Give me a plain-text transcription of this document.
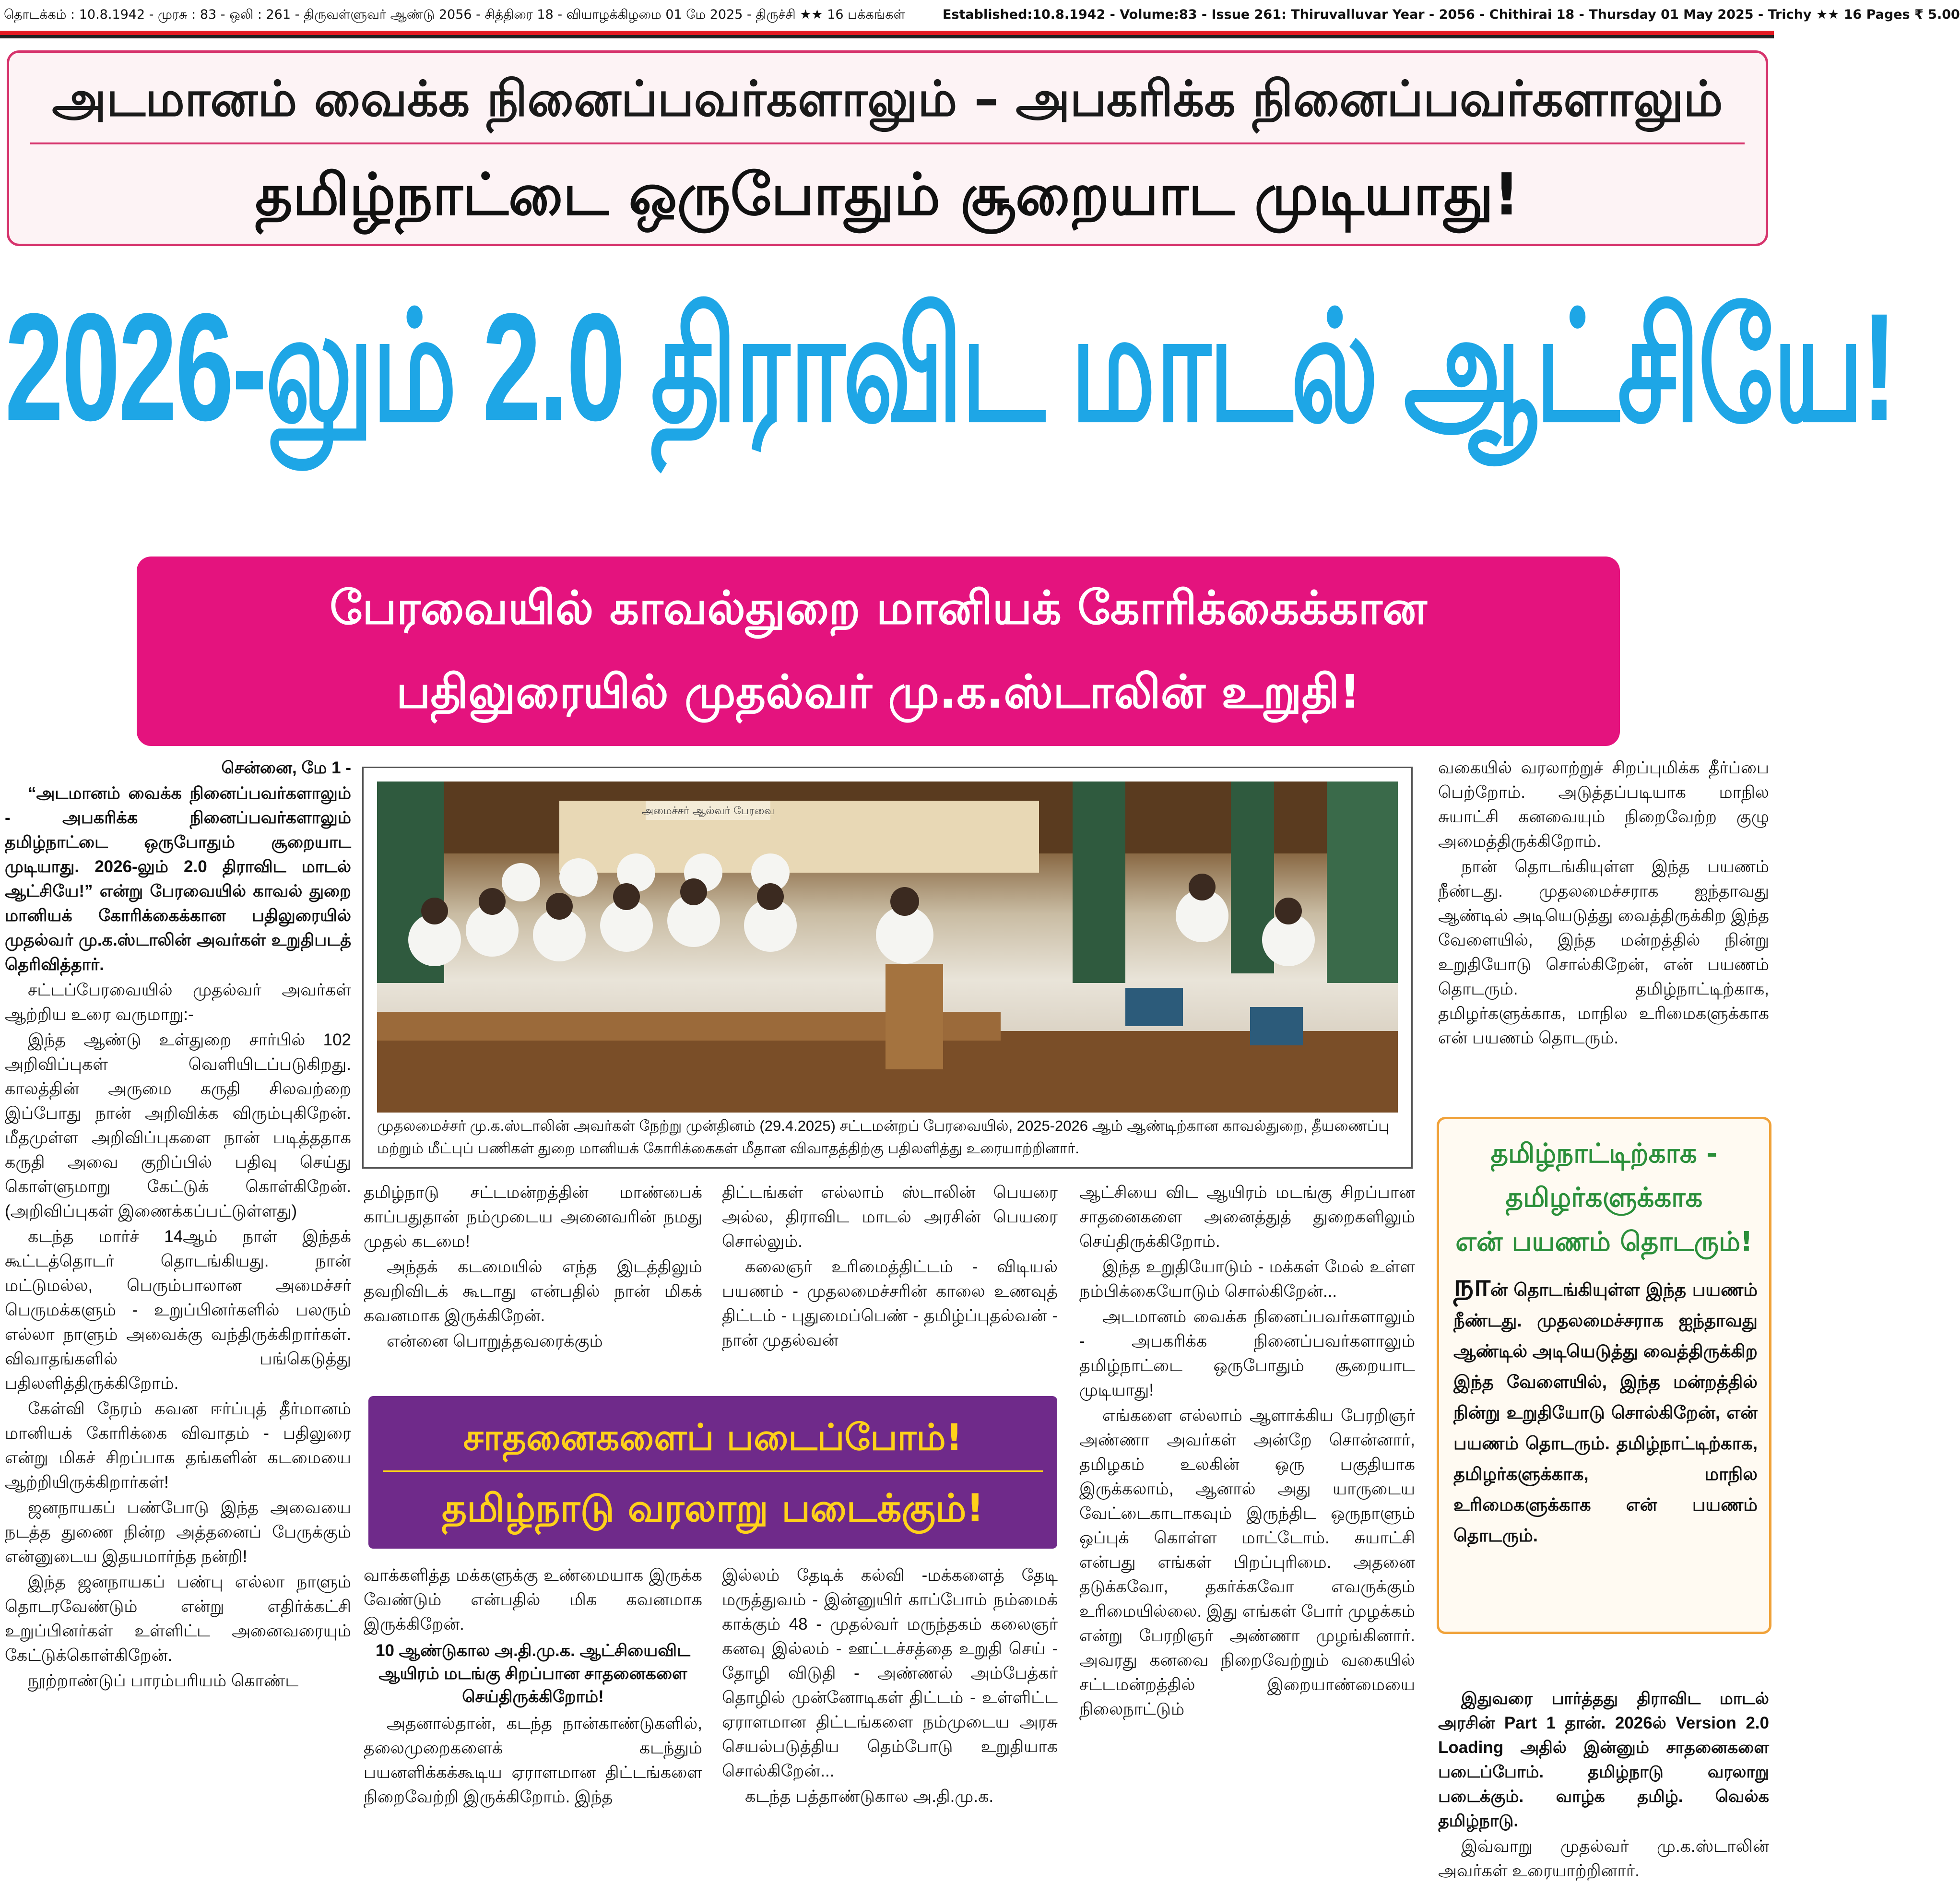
தொடக்கம் : 10.8.1942 - முரசு : 83 - ஒலி : 261 - திருவள்ளுவர் ஆண்டு 2056 - சித்திரை 18 - வியாழக்கிழமை 01 மே 2025 - திருச்சி ★★ 16 பக்கங்கள்	Established:10.8.1942 - Volume:83 - Issue 261: Thiruvalluvar Year - 2056 - Chithirai 18 - Thursday 01 May 2025 - Trichy ★★ 16 Pages ₹ 5.00
அடமானம் வைக்க நினைப்பவர்களாலும் – அபகரிக்க நினைப்பவர்களாலும்
தமிழ்நாட்டை ஒருபோதும் சூறையாட முடியாது!
2026-லும் 2.0 திராவிட மாடல் ஆட்சியே!
பேரவையில் காவல்துறை மானியக் கோரிக்கைக்கான
பதிலுரையில் முதல்வர் மு.க.ஸ்டாலின் உறுதி!

சென்னை, மே 1 -

“அடமானம் வைக்க நினைப்பவர்களாலும் - அபகரிக்க நினைப்பவர்களாலும் தமிழ்நாட்டை ஒருபோதும் சூறையாட முடியாது. 2026-லும் 2.0 திராவிட மாடல் ஆட்சியே!” என்று பேரவையில் காவல் துறை மானியக் கோரிக்கைக்கான பதிலுரையில் முதல்வர் மு.க.ஸ்டாலின் அவர்கள் உறுதிபடத் தெரிவித்தார்.

சட்டப்பேரவையில் முதல்வர் அவர்கள் ஆற்றிய உரை வருமாறு:-

இந்த ஆண்டு உள்துறை சார்பில் 102 அறிவிப்புகள் வெளியிடப்படுகிறது. காலத்தின் அருமை கருதி சிலவற்றை இப்போது நான் அறிவிக்க விரும்புகிறேன். மீதமுள்ள அறிவிப்புகளை நான் படித்ததாக கருதி அவை குறிப்பில் பதிவு செய்து கொள்ளுமாறு கேட்டுக் கொள்கிறேன். (அறிவிப்புகள் இணைக்கப்பட்டுள்ளது)

கடந்த மார்ச் 14ஆம் நாள் இந்தக் கூட்டத்தொடர் தொடங்கியது. நான் மட்டுமல்ல, பெரும்பாலான அமைச்சர் பெருமக்களும் - உறுப்பினர்களில் பலரும் எல்லா நாளும் அவைக்கு வந்திருக்கிறார்கள். விவாதங்களில் பங்கெடுத்து பதிலளித்திருக்கிறோம்.

கேள்வி நேரம் கவன ஈர்ப்புத் தீர்மானம் மானியக் கோரிக்கை விவாதம் - பதிலுரை என்று மிகச் சிறப்பாக தங்களின் கடமையை ஆற்றியிருக்கிறார்கள்!

ஜனநாயகப் பண்போடு இந்த அவையை நடத்த துணை நின்ற அத்தனைப் பேருக்கும் என்னுடைய இதயமார்ந்த நன்றி!

இந்த ஜனநாயகப் பண்பு எல்லா நாளும் தொடரவேண்டும் என்று எதிர்க்கட்சி உறுப்பினர்கள் உள்ளிட்ட அனைவரையும் கேட்டுக்கொள்கிறேன்.

நூற்றாண்டுப் பாரம்பரியம் கொண்ட

அமைச்சர் ஆல்வர் பேரவை
முதலமைச்சர் மு.க.ஸ்டாலின் அவர்கள் நேற்று முன்தினம் (29.4.2025) சட்டமன்றப் பேரவையில், 2025-2026 ஆம் ஆண்டிற்கான காவல்துறை, தீயணைப்பு மற்றும் மீட்புப் பணிகள் துறை மானியக் கோரிக்கைகள் மீதான விவாதத்திற்கு பதிலளித்து உரையாற்றினார்.

தமிழ்நாடு சட்டமன்றத்தின் மாண்பைக் காப்பதுதான் நம்முடைய அனைவரின் நமது முதல் கடமை!

அந்தக் கடமையில் எந்த இடத்திலும் தவறிவிடக் கூடாது என்பதில் நான் மிகக் கவனமாக இருக்கிறேன்.

என்னை பொறுத்தவரைக்கும்

திட்டங்கள் எல்லாம் ஸ்டாலின் பெயரை அல்ல, திராவிட மாடல் அரசின் பெயரை சொல்லும்.

கலைஞர் உரிமைத்திட்டம் - விடியல் பயணம் - முதலமைச்சரின் காலை உணவுத் திட்டம் - புதுமைப்பெண் - தமிழ்ப்புதல்வன் - நான் முதல்வன்

சாதனைகளைப் படைப்போம்!
தமிழ்நாடு வரலாறு படைக்கும்!

வாக்களித்த மக்களுக்கு உண்மையாக இருக்க வேண்டும் என்பதில் மிக கவனமாக இருக்கிறேன்.

10 ஆண்டுகால அ.தி.மு.க. ஆட்சியைவிட ஆயிரம் மடங்கு சிறப்பான சாதனைகளை செய்திருக்கிறோம்!

அதனால்தான், கடந்த நான்காண்டுகளில், தலைமுறைகளைக் கடந்தும் பயனளிக்கக்கூடிய ஏராளமான திட்டங்களை நிறைவேற்றி இருக்கிறோம். இந்த

இல்லம் தேடிக் கல்வி -மக்களைத் தேடி மருத்துவம் - இன்னுயிர் காப்போம் நம்மைக் காக்கும் 48 - முதல்வர் மருந்தகம் கலைஞர் கனவு இல்லம் - ஊட்டச்சத்தை உறுதி செய் - தோழி விடுதி - அண்ணல் அம்பேத்கர் தொழில் முன்னோடிகள் திட்டம் - உள்ளிட்ட ஏராளமான திட்டங்களை நம்முடைய அரசு செயல்படுத்திய தெம்போடு உறுதியாக சொல்கிறேன்...

கடந்த பத்தாண்டுகால அ.தி.மு.க.

ஆட்சியை விட ஆயிரம் மடங்கு சிறப்பான சாதனைகளை அனைத்துத் துறைகளிலும் செய்திருக்கிறோம்.

இந்த உறுதியோடும் - மக்கள் மேல் உள்ள நம்பிக்கையோடும் சொல்கிறேன்...

அடமானம் வைக்க நினைப்பவர்களாலும் - அபகரிக்க நினைப்பவர்களாலும் தமிழ்நாட்டை ஒருபோதும் சூறையாட முடியாது!

எங்களை எல்லாம் ஆளாக்கிய பேரறிஞர் அண்ணா அவர்கள் அன்றே சொன்னார், தமிழகம் உலகின் ஒரு பகுதியாக இருக்கலாம், ஆனால் அது யாருடைய வேட்டைகாடாகவும் இருந்திட ஒருநாளும் ஒப்புக் கொள்ள மாட்டோம். சுயாட்சி என்பது எங்கள் பிறப்புரிமை. அதனை தடுக்கவோ, தகர்க்கவோ எவருக்கும் உரிமையில்லை. இது எங்கள் போர் முழக்கம் என்று பேரறிஞர் அண்ணா முழங்கினார். அவரது கனவை நிறைவேற்றும் வகையில் சட்டமன்றத்தில் இறையாண்மையை நிலைநாட்டும்

வகையில் வரலாற்றுச் சிறப்புமிக்க தீர்ப்பை பெற்றோம். அடுத்தப்படியாக மாநில சுயாட்சி கனவையும் நிறைவேற்ற குழு அமைத்திருக்கிறோம்.

நான் தொடங்கியுள்ள இந்த பயணம் நீண்டது. முதலமைச்சராக ஐந்தாவது ஆண்டில் அடியெடுத்து வைத்திருக்கிற இந்த வேளையில், இந்த மன்றத்தில் நின்று உறுதியோடு சொல்கிறேன், என் பயணம் தொடரும். தமிழ்நாட்டிற்காக, தமிழர்களுக்காக, மாநில உரிமைகளுக்காக என் பயணம் தொடரும்.

தமிழ்நாட்டிற்காக -
தமிழர்களுக்காக
என் பயணம் தொடரும்!
நான் தொடங்கியுள்ள இந்த பயணம் நீண்டது. முதலமைச்சராக ஐந்தாவது ஆண்டில் அடியெடுத்து வைத்திருக்கிற இந்த வேளையில், இந்த மன்றத்தில் நின்று உறுதியோடு சொல்கிறேன், என் பயணம் தொடரும். தமிழ்நாட்டிற்காக, தமிழர்களுக்காக, மாநில உரிமைகளுக்காக என் பயணம் தொடரும்.

இதுவரை பார்த்தது திராவிட மாடல் அரசின் Part 1 தான். 2026ல் Version 2.0 Loading அதில் இன்னும் சாதனைகளை படைப்போம். தமிழ்நாடு வரலாறு படைக்கும். வாழ்க தமிழ். வெல்க தமிழ்நாடு.

இவ்வாறு முதல்வர் மு.க.ஸ்டாலின் அவர்கள் உரையாற்றினார்.
